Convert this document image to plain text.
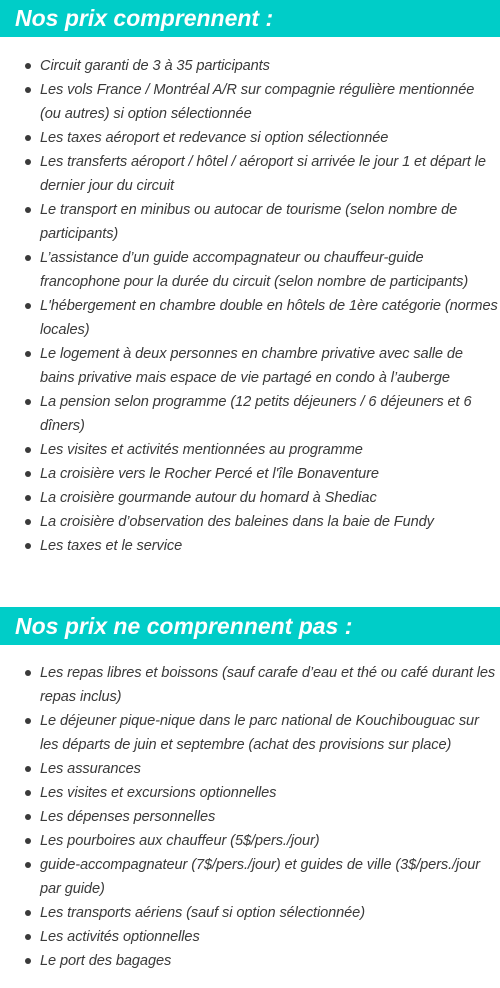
Nos prix comprennent :
Circuit garanti de 3 à 35 participants
Les vols France / Montréal A/R sur compagnie régulière mentionnée (ou autres) si option sélectionnée
Les taxes aéroport et redevance si option sélectionnée
Les transferts aéroport / hôtel / aéroport si arrivée le jour 1 et départ le dernier jour du circuit
Le transport en minibus ou autocar de tourisme (selon nombre de participants)
L’assistance d’un guide accompagnateur ou chauffeur-guide francophone pour la durée du circuit (selon nombre de participants)
L'hébergement en chambre double en hôtels de 1ère catégorie (normes locales)
Le logement à deux personnes en chambre privative avec salle de bains privative mais espace de vie partagé en condo à l’auberge
La pension selon programme (12 petits déjeuners / 6 déjeuners et 6 dîners)
Les visites et activités mentionnées au programme
La croisière vers le Rocher Percé et l'île Bonaventure
La croisière gourmande autour du homard à Shediac
La croisière d’observation des baleines dans la baie de Fundy
Les taxes et le service
Nos prix ne comprennent pas :
Les repas libres et boissons (sauf carafe d’eau et thé ou café durant les repas inclus)
Le déjeuner pique-nique dans le parc national de Kouchibouguac sur les départs de juin et septembre (achat des provisions sur place)
Les assurances
Les visites et excursions optionnelles
Les dépenses personnelles
Les pourboires aux chauffeur (5$/pers./jour)
guide-accompagnateur (7$/pers./jour) et guides de ville (3$/pers./jour par guide)
Les transports aériens (sauf si option sélectionnée)
Les activités optionnelles
Le port des bagages
